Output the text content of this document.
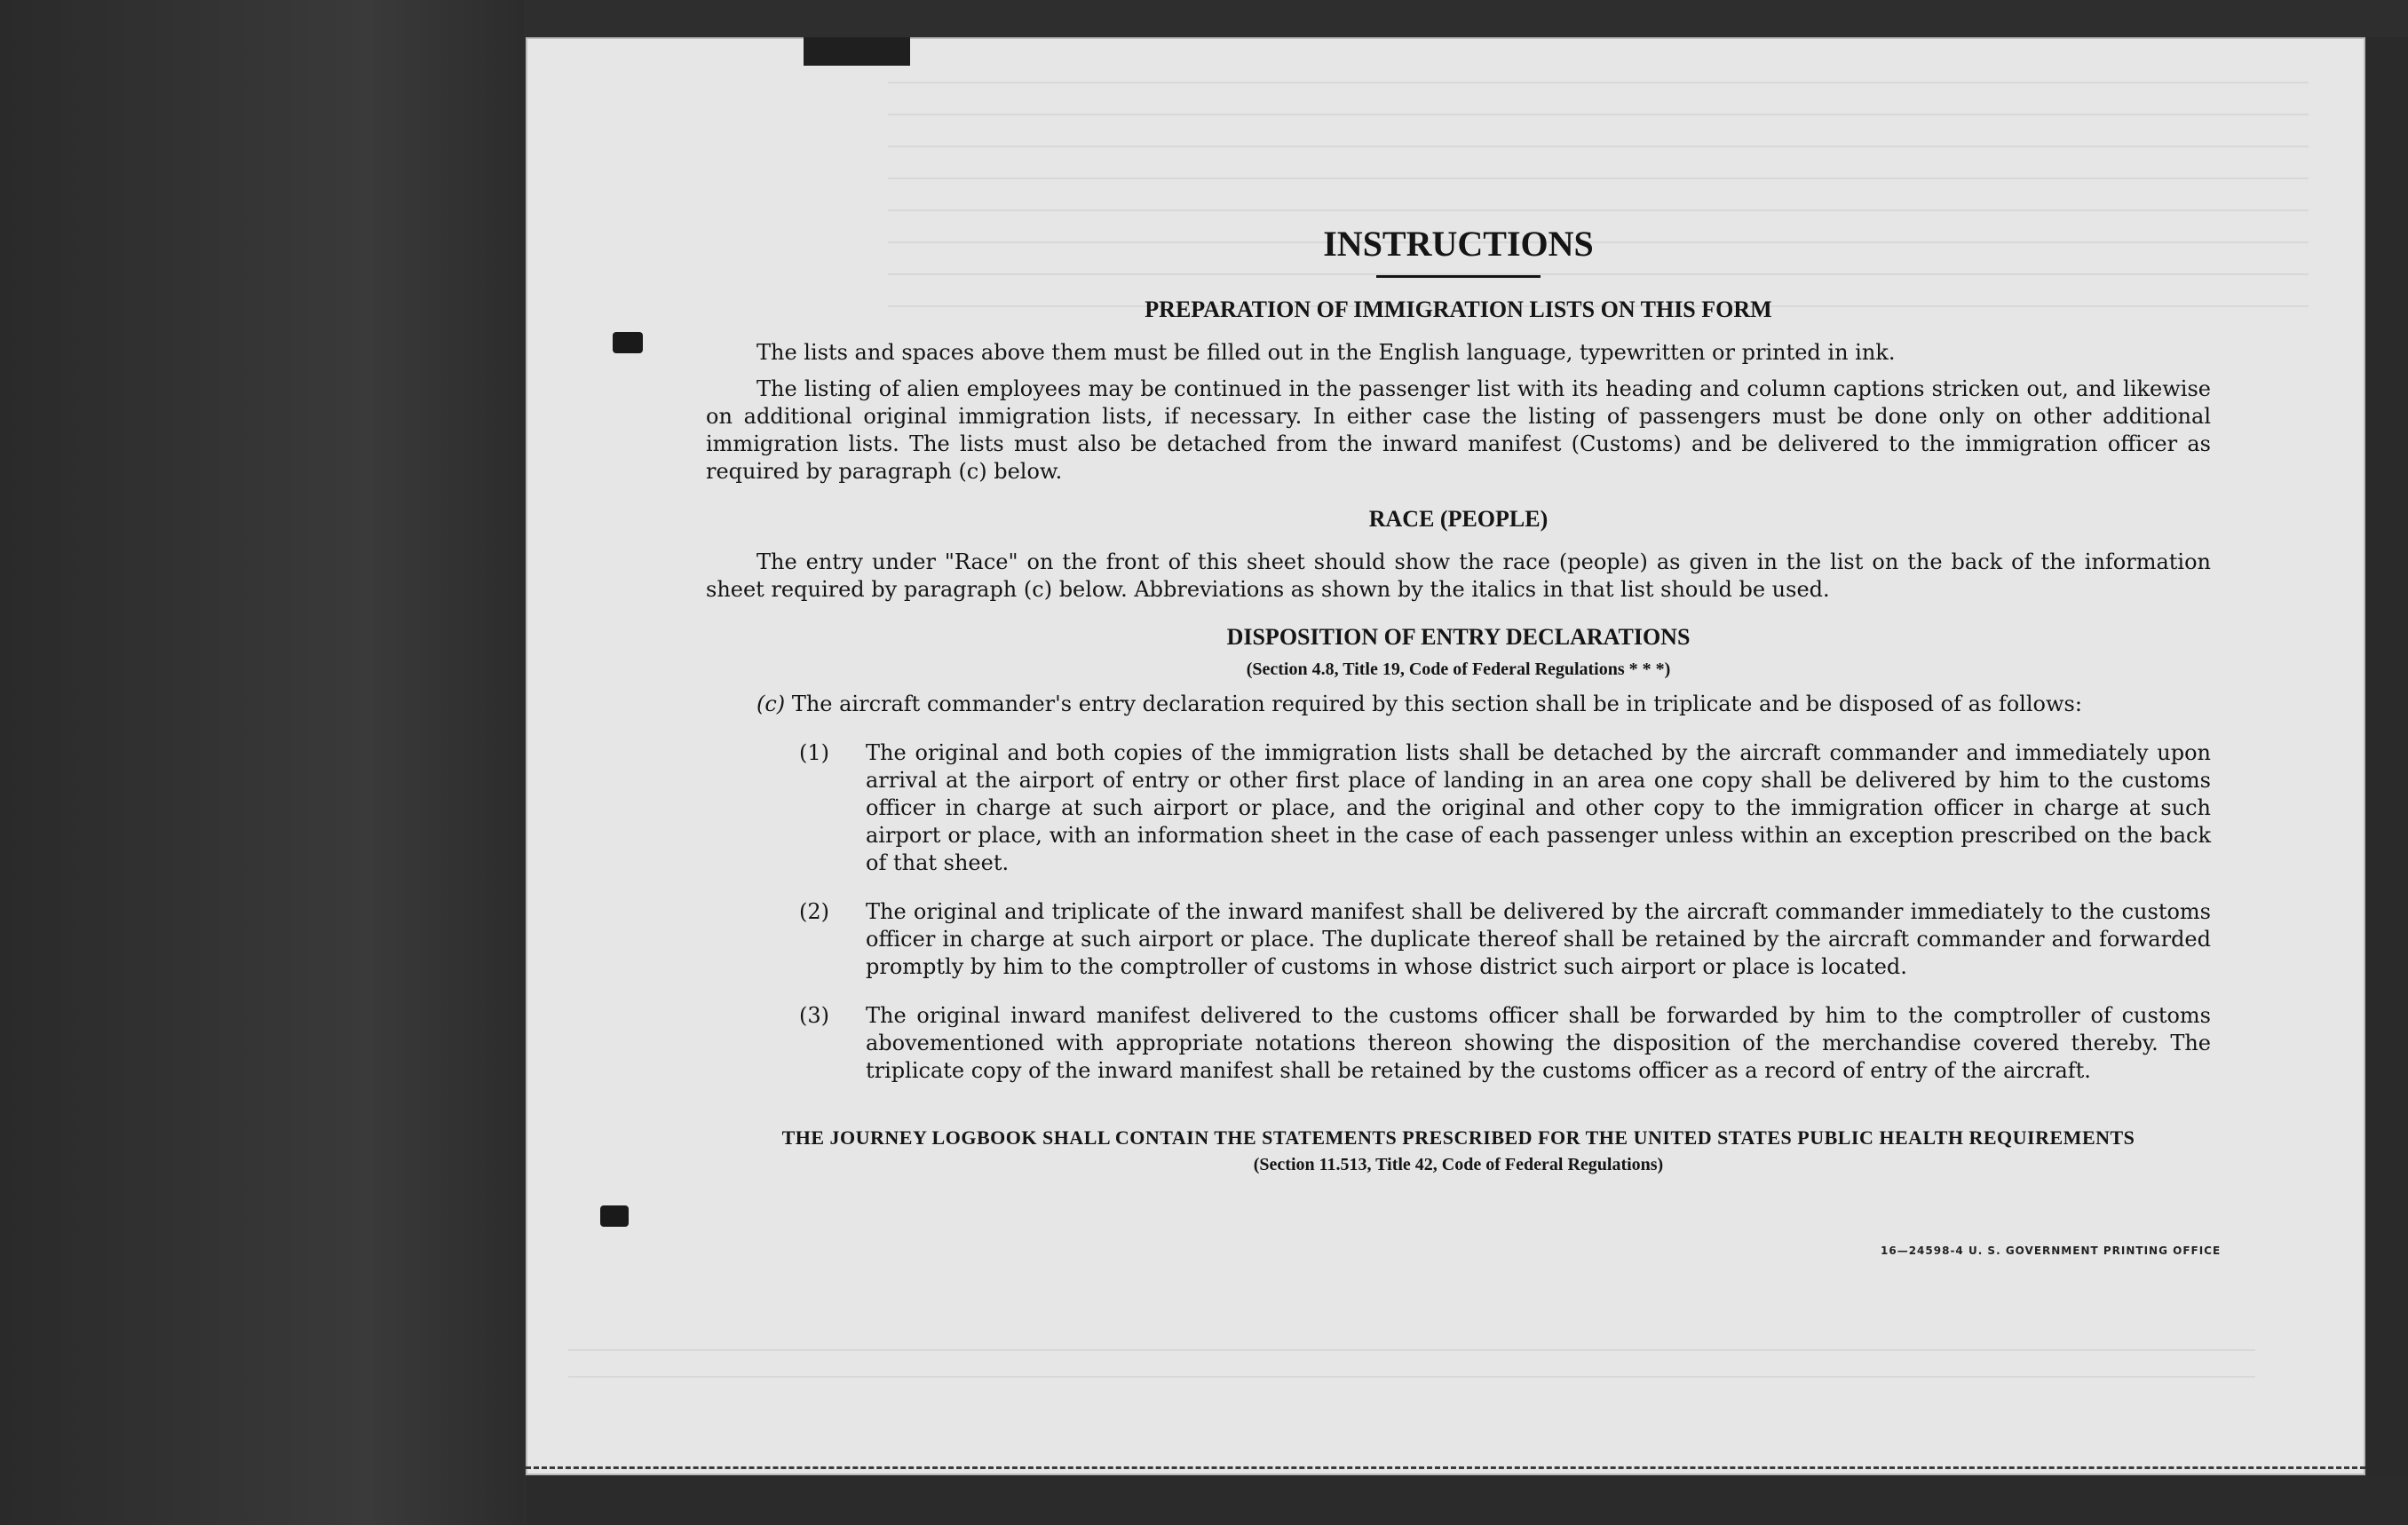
INSTRUCTIONS
PREPARATION OF IMMIGRATION LISTS ON THIS FORM

The lists and spaces above them must be filled out in the English language, typewritten or printed in ink.

The listing of alien employees may be continued in the passenger list with its heading and column captions stricken out, and likewise on additional original immigration lists, if necessary. In either case the listing of passengers must be done only on other additional immigration lists. The lists must also be detached from the inward manifest (Customs) and be delivered to the immigration officer as required by paragraph (c) below.

RACE (PEOPLE)

The entry under "Race" on the front of this sheet should show the race (people) as given in the list on the back of the information sheet required by paragraph (c) below. Abbreviations as shown by the italics in that list should be used.

DISPOSITION OF ENTRY DECLARATIONS
(Section 4.8, Title 19, Code of Federal Regulations * * *)

(c) The aircraft commander's entry declaration required by this section shall be in triplicate and be disposed of as follows:

(1) The original and both copies of the immigration lists shall be detached by the aircraft commander and immediately upon arrival at the airport of entry or other first place of landing in an area one copy shall be delivered by him to the customs officer in charge at such airport or place, and the original and other copy to the immigration officer in charge at such airport or place, with an information sheet in the case of each passenger unless within an exception prescribed on the back of that sheet.
(2) The original and triplicate of the inward manifest shall be delivered by the aircraft commander immediately to the customs officer in charge at such airport or place. The duplicate thereof shall be retained by the aircraft commander and forwarded promptly by him to the comptroller of customs in whose district such airport or place is located.
(3) The original inward manifest delivered to the customs officer shall be forwarded by him to the comptroller of customs abovementioned with appropriate notations thereon showing the disposition of the merchandise covered thereby. The triplicate copy of the inward manifest shall be retained by the customs officer as a record of entry of the aircraft.
THE JOURNEY LOGBOOK SHALL CONTAIN THE STATEMENTS PRESCRIBED FOR THE UNITED STATES PUBLIC HEALTH REQUIREMENTS
(Section 11.513, Title 42, Code of Federal Regulations)
16—24598-4 U. S. GOVERNMENT PRINTING OFFICE
